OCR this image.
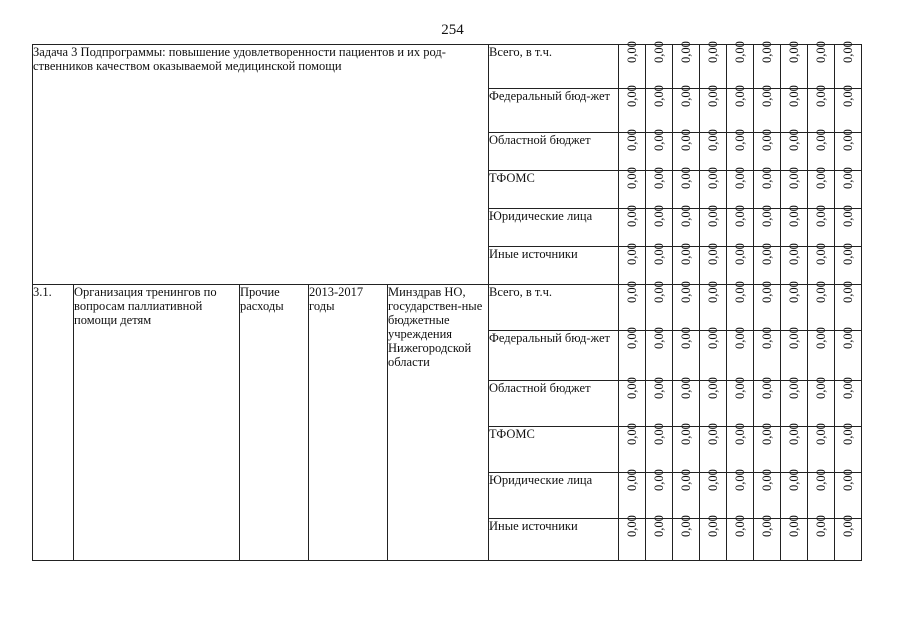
254
Задача 3 Подпрограммы: повышение удовлетворенности пациентов и их род-ственников качеством оказываемой медицинской помощи					Всего, в т.ч.	0,00	0,00	0,00	0,00	0,00	0,00	0,00	0,00	0,00
					Федеральный бюд-жет	0,00	0,00	0,00	0,00	0,00	0,00	0,00	0,00	0,00
					Областной бюджет	0,00	0,00	0,00	0,00	0,00	0,00	0,00	0,00	0,00
					ТФОМС	0,00	0,00	0,00	0,00	0,00	0,00	0,00	0,00	0,00
					Юридические лица	0,00	0,00	0,00	0,00	0,00	0,00	0,00	0,00	0,00
					Иные источники	0,00	0,00	0,00	0,00	0,00	0,00	0,00	0,00	0,00
3.1.	Организация тренингов по вопросам паллиативной помощи детям	Прочие расходы	2013-2017 годы	Минздрав НО, государствен-ные бюджетные учреждения Нижегородской области	Всего, в т.ч.	0,00	0,00	0,00	0,00	0,00	0,00	0,00	0,00	0,00
					Федеральный бюд-жет	0,00	0,00	0,00	0,00	0,00	0,00	0,00	0,00	0,00
					Областной бюджет	0,00	0,00	0,00	0,00	0,00	0,00	0,00	0,00	0,00
					ТФОМС	0,00	0,00	0,00	0,00	0,00	0,00	0,00	0,00	0,00
					Юридические лица	0,00	0,00	0,00	0,00	0,00	0,00	0,00	0,00	0,00
					Иные источники	0,00	0,00	0,00	0,00	0,00	0,00	0,00	0,00	0,00
